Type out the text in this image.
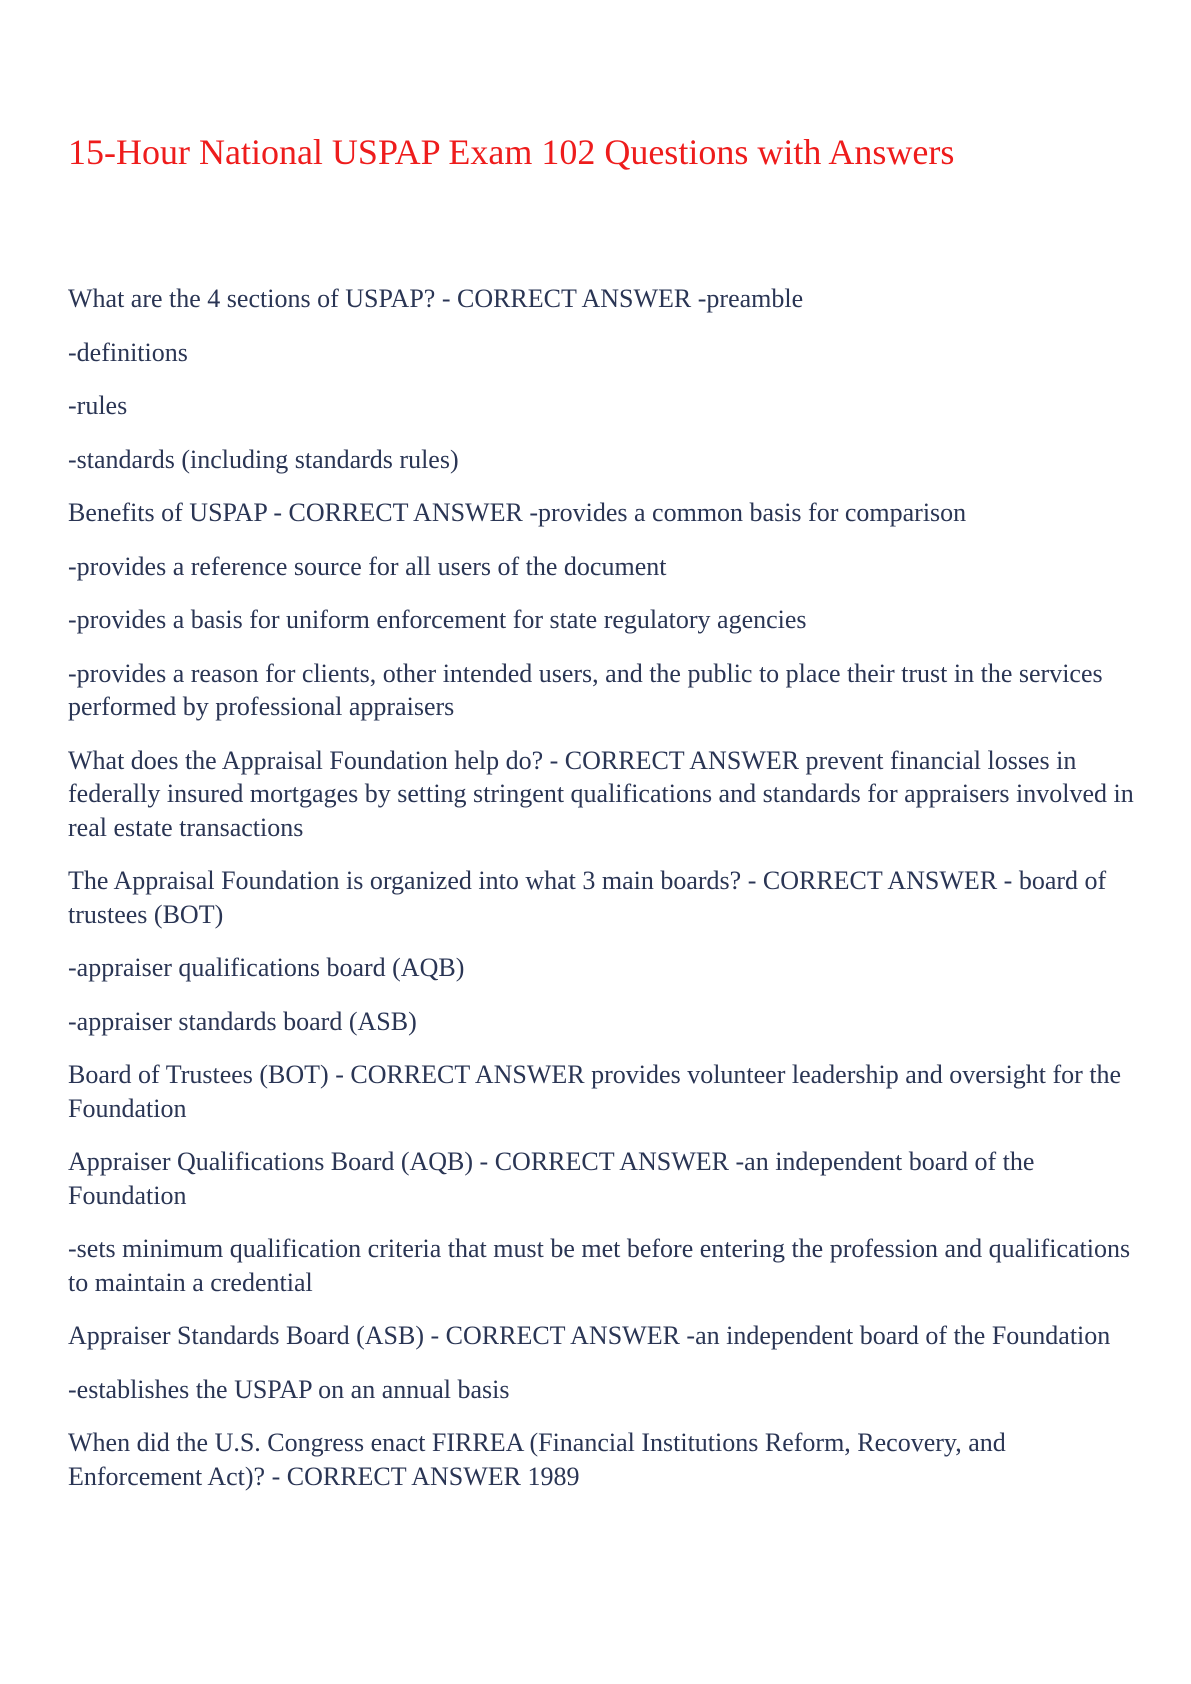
15-Hour National USPAP Exam 102 Questions with Answers

What are the 4 sections of USPAP? - CORRECT ANSWER -preamble

-definitions

-rules

-standards (including standards rules)

Benefits of USPAP - CORRECT ANSWER -provides a common basis for comparison

-provides a reference source for all users of the document

-provides a basis for uniform enforcement for state regulatory agencies

-provides a reason for clients, other intended users, and the public to place their trust in the services performed by professional appraisers

What does the Appraisal Foundation help do? - CORRECT ANSWER prevent financial losses in federally insured mortgages by setting stringent qualifications and standards for appraisers involved in real estate transactions

The Appraisal Foundation is organized into what 3 main boards? - CORRECT ANSWER - board of trustees (BOT)

-appraiser qualifications board (AQB)

-appraiser standards board (ASB)

Board of Trustees (BOT) - CORRECT ANSWER provides volunteer leadership and oversight for the Foundation

Appraiser Qualifications Board (AQB) - CORRECT ANSWER -an independent board of the Foundation

-sets minimum qualification criteria that must be met before entering the profession and qualifications to maintain a credential

Appraiser Standards Board (ASB) - CORRECT ANSWER -an independent board of the Foundation

-establishes the USPAP on an annual basis

When did the U.S. Congress enact FIRREA (Financial Institutions Reform, Recovery, and Enforcement Act)? - CORRECT ANSWER 1989
